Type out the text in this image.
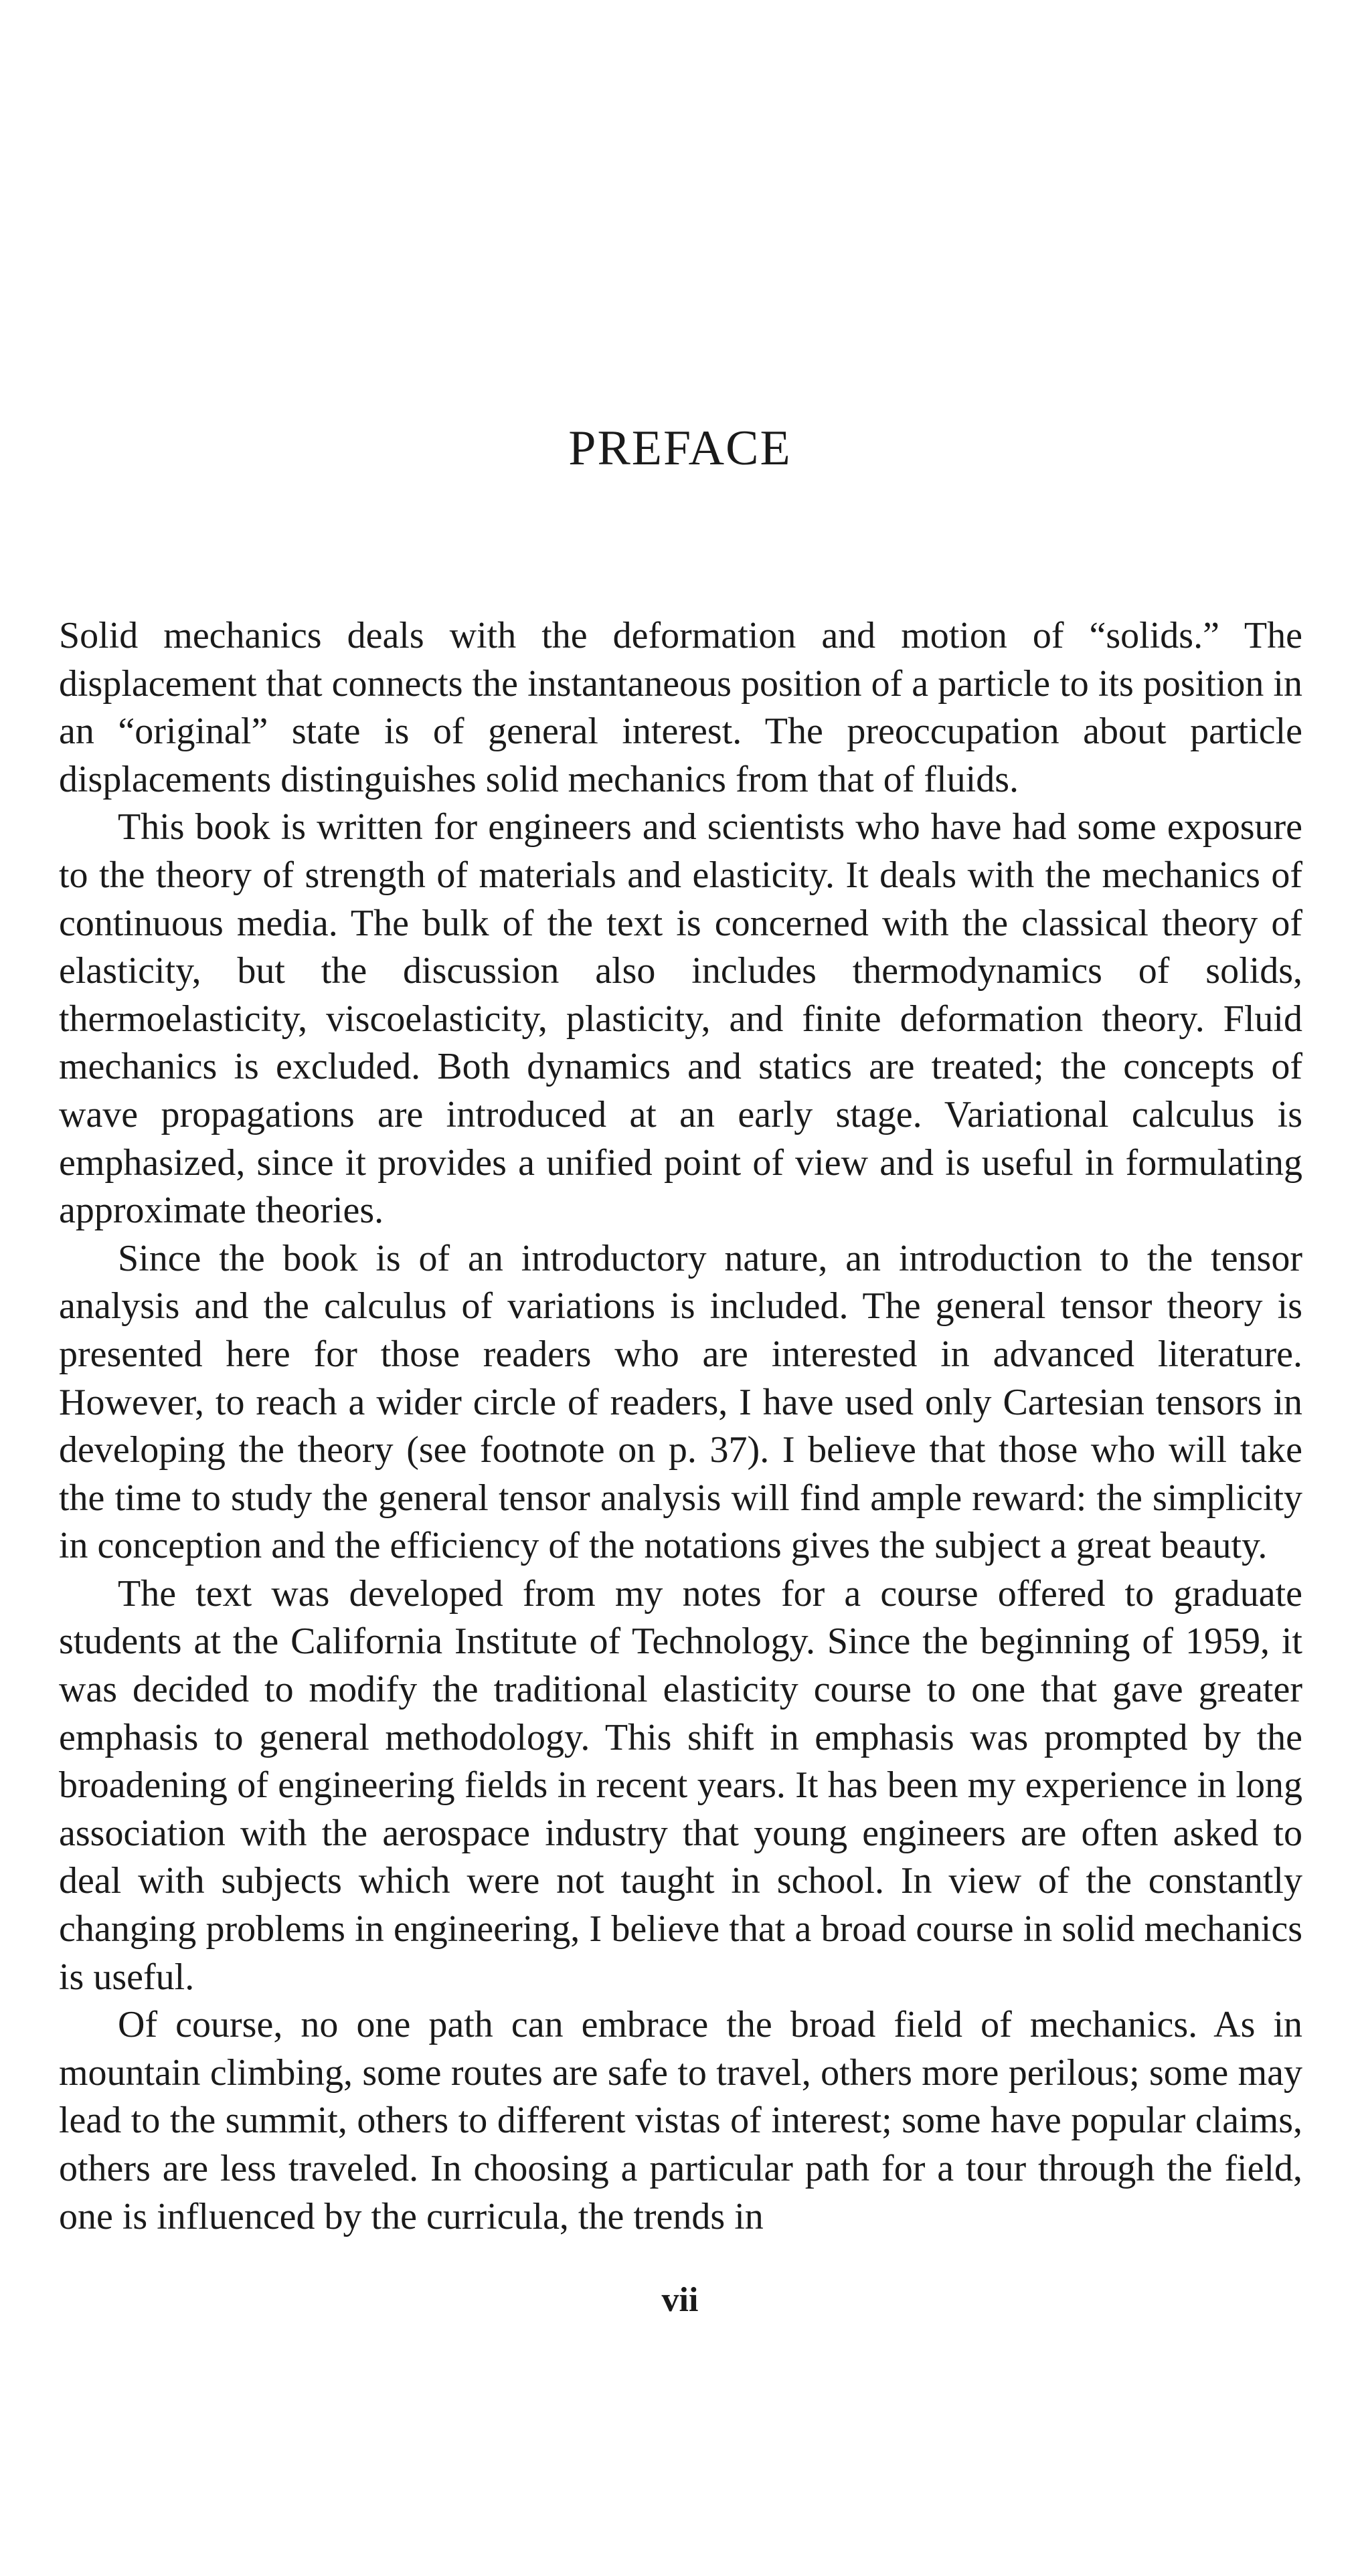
PREFACE

Solid mechanics deals with the deformation and motion of “solids.” The displacement that connects the instantaneous position of a particle to its position in an “original” state is of general interest. The preoccupation about particle displacements distinguishes solid mechanics from that of fluids.

This book is written for engineers and scientists who have had some exposure to the theory of strength of materials and elasticity. It deals with the mechanics of continuous media. The bulk of the text is concerned with the classical theory of elasticity, but the discussion also includes thermodynamics of solids, thermoelasticity, viscoelasticity, plasticity, and finite deformation theory. Fluid mechanics is excluded. Both dynamics and statics are treated; the concepts of wave propagations are introduced at an early stage. Variational calculus is emphasized, since it provides a unified point of view and is useful in formulating approximate theories.

Since the book is of an introductory nature, an introduction to the tensor analysis and the calculus of variations is included. The general tensor theory is presented here for those readers who are interested in advanced literature. However, to reach a wider circle of readers, I have used only Cartesian tensors in developing the theory (see footnote on p. 37). I believe that those who will take the time to study the general tensor analysis will find ample reward: the simplicity in conception and the efficiency of the notations gives the subject a great beauty.

The text was developed from my notes for a course offered to graduate students at the California Institute of Technology. Since the beginning of 1959, it was decided to modify the traditional elasticity course to one that gave greater emphasis to general methodology. This shift in emphasis was prompted by the broadening of engineering fields in recent years. It has been my experience in long association with the aerospace industry that young engineers are often asked to deal with subjects which were not taught in school. In view of the constantly changing problems in engineering, I believe that a broad course in solid mechanics is useful.

Of course, no one path can embrace the broad field of mechanics. As in mountain climbing, some routes are safe to travel, others more perilous; some may lead to the summit, others to different vistas of interest; some have popular claims, others are less traveled. In choosing a particular path for a tour through the field, one is influenced by the curricula, the trends in

vii
